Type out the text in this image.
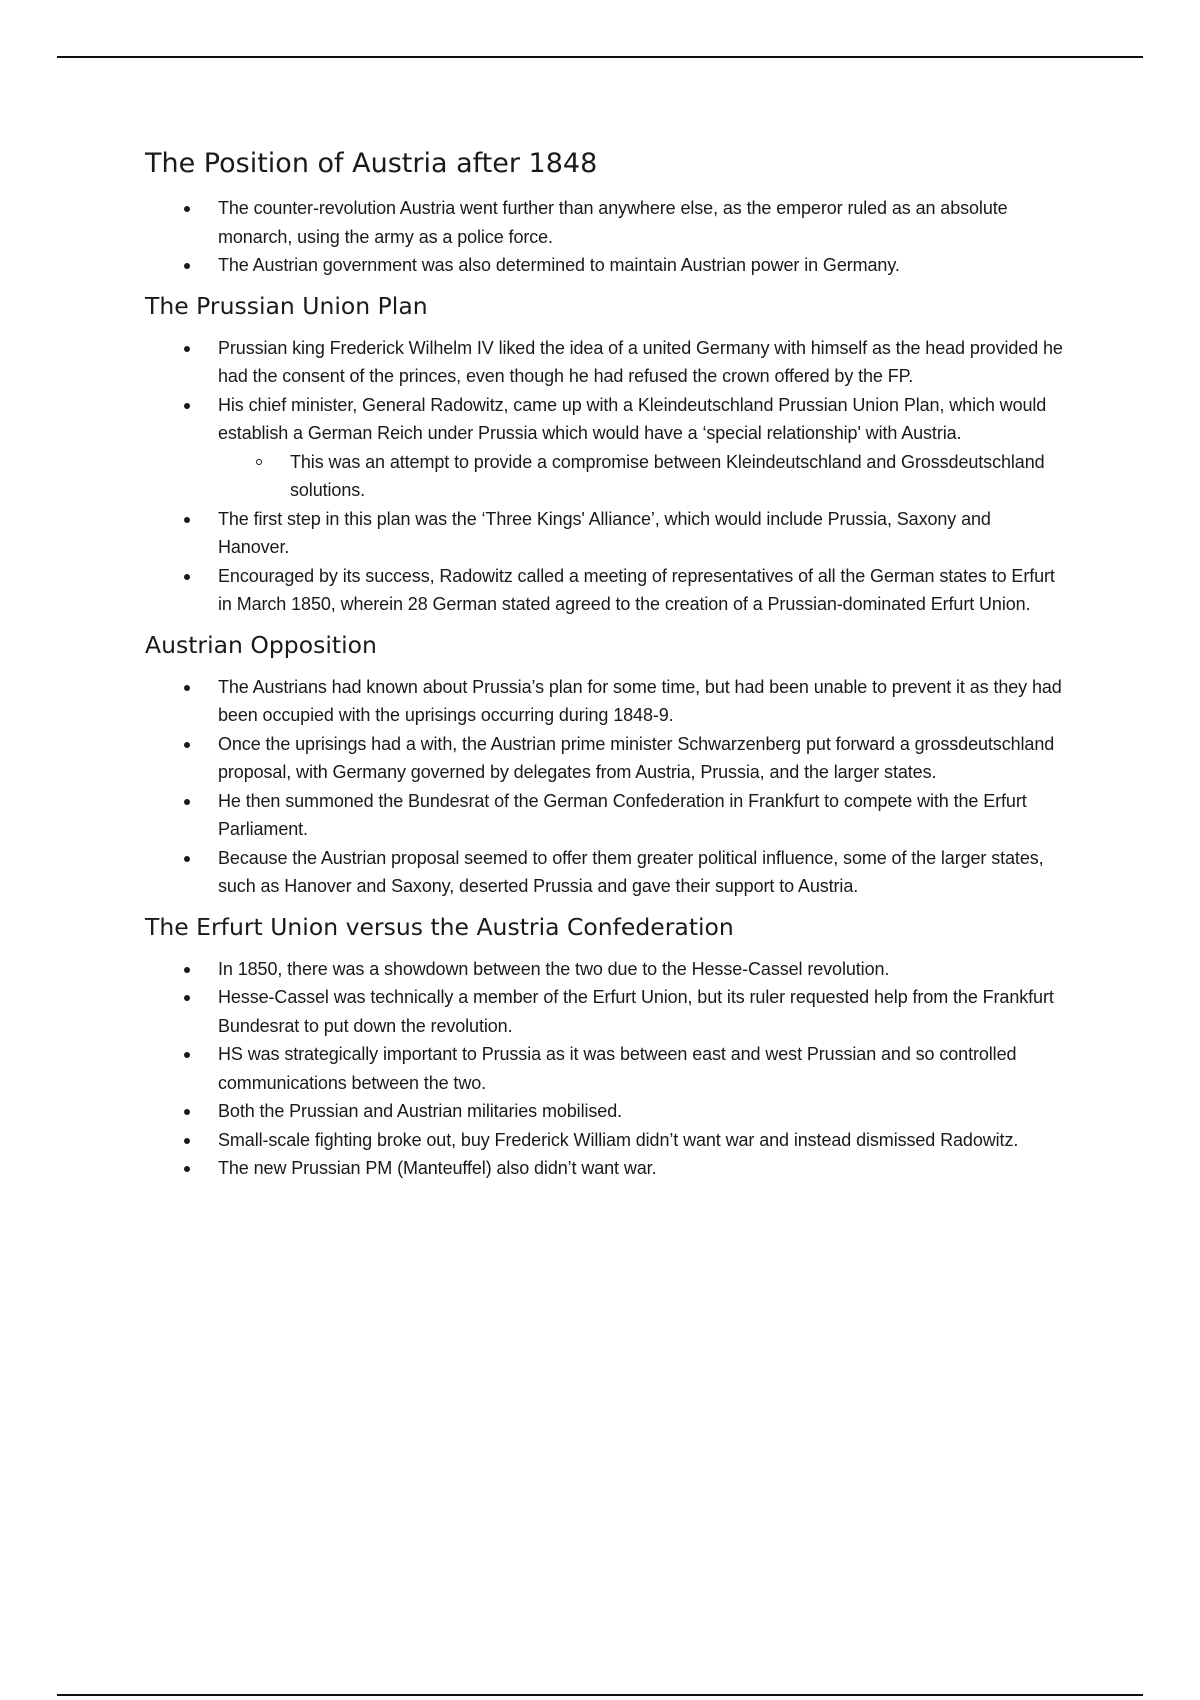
The Position of Austria after 1848
The counter-revolution Austria went further than anywhere else, as the emperor ruled as an absolute monarch, using the army as a police force.
The Austrian government was also determined to maintain Austrian power in Germany.
The Prussian Union Plan
Prussian king Frederick Wilhelm IV liked the idea of a united Germany with himself as the head provided he had the consent of the princes, even though he had refused the crown offered by the FP.
His chief minister, General Radowitz, came up with a Kleindeutschland Prussian Union Plan, which would establish a German Reich under Prussia which would have a ‘special relationship' with Austria.
This was an attempt to provide a compromise between Kleindeutschland and Grossdeutschland solutions.
The first step in this plan was the ‘Three Kings' Alliance’, which would include Prussia, Saxony and Hanover.
Encouraged by its success, Radowitz called a meeting of representatives of all the German states to Erfurt in March 1850, wherein 28 German stated agreed to the creation of a Prussian-dominated Erfurt Union.
Austrian Opposition
The Austrians had known about Prussia’s plan for some time, but had been unable to prevent it as they had been occupied with the uprisings occurring during 1848-9.
Once the uprisings had a with, the Austrian prime minister Schwarzenberg put forward a grossdeutschland proposal, with Germany governed by delegates from Austria, Prussia, and the larger states.
He then summoned the Bundesrat of the German Confederation in Frankfurt to compete with the Erfurt Parliament.
Because the Austrian proposal seemed to offer them greater political influence, some of the larger states, such as Hanover and Saxony, deserted Prussia and gave their support to Austria.
The Erfurt Union versus the Austria Confederation
In 1850, there was a showdown between the two due to the Hesse-Cassel revolution.
Hesse-Cassel was technically a member of the Erfurt Union, but its ruler requested help from the Frankfurt Bundesrat to put down the revolution.
HS was strategically important to Prussia as it was between east and west Prussian and so controlled communications between the two.
Both the Prussian and Austrian militaries mobilised.
Small-scale fighting broke out, buy Frederick William didn’t want war and instead dismissed Radowitz.
The new Prussian PM (Manteuffel) also didn’t want war.
